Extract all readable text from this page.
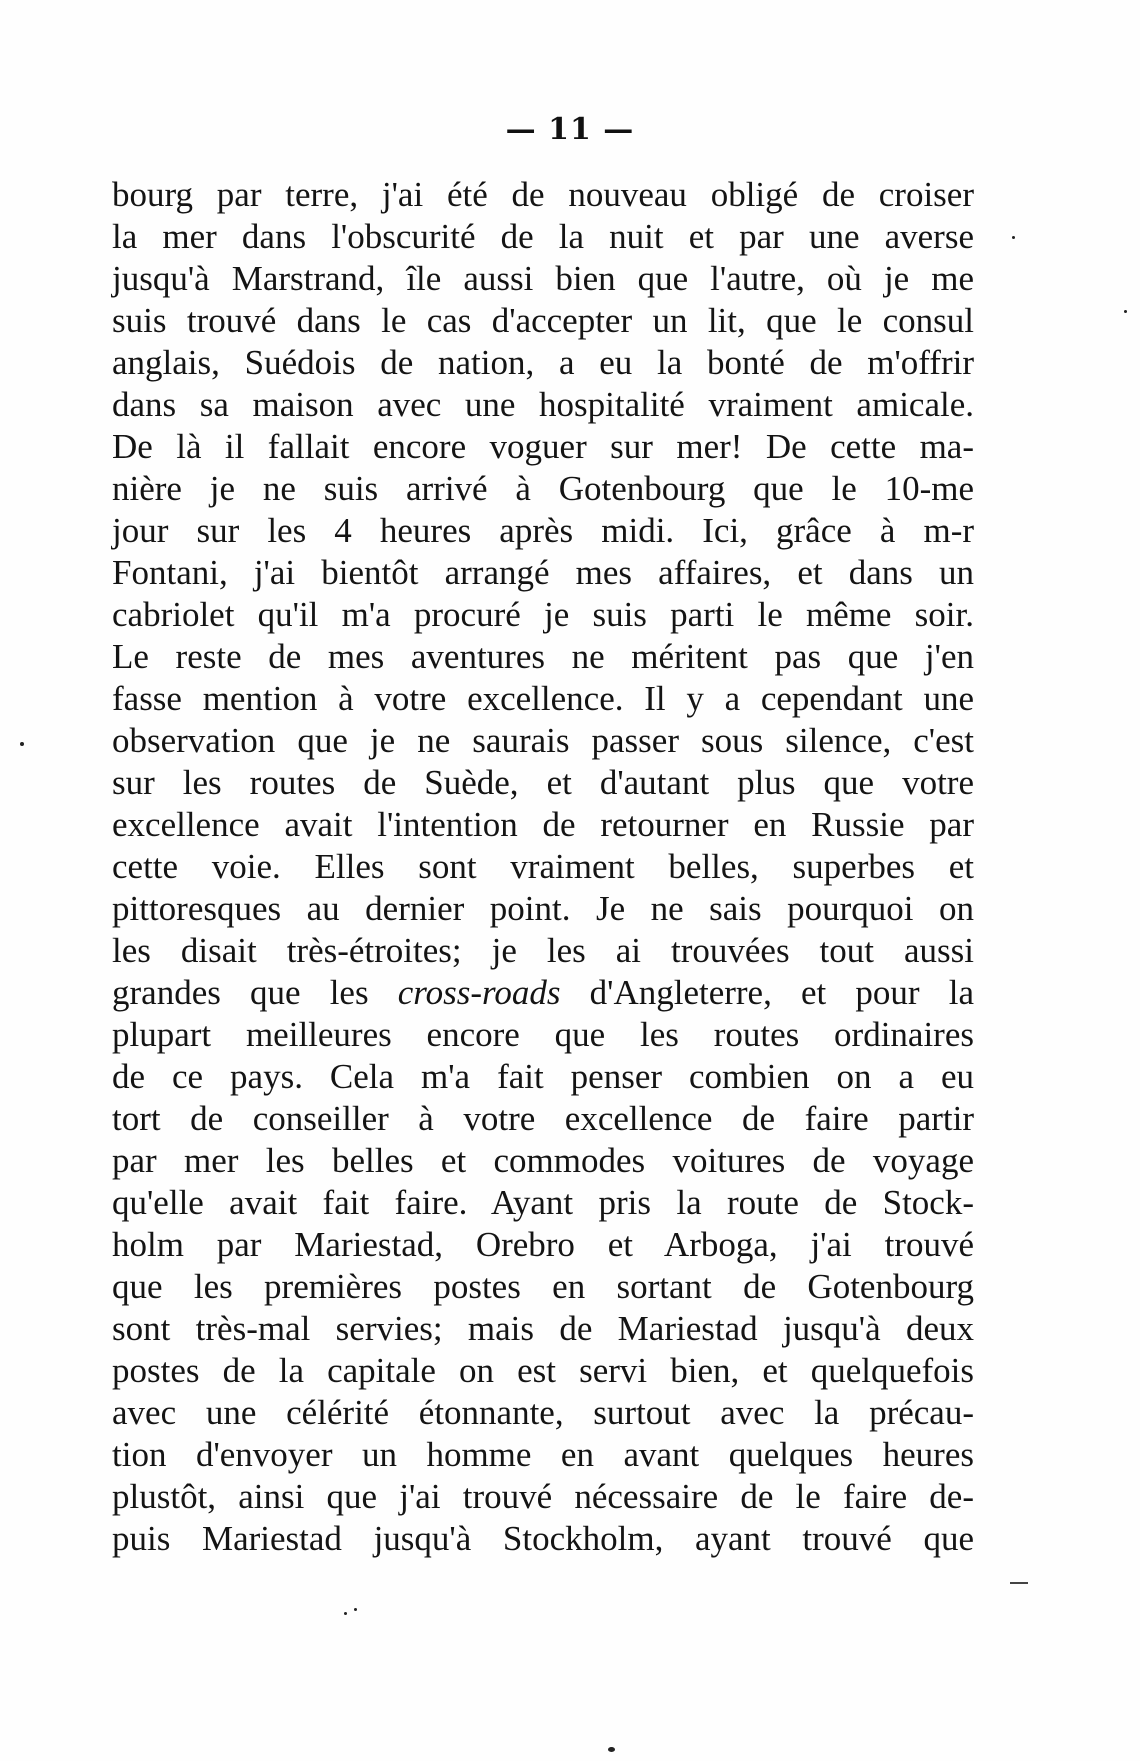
— 11 —
bourg par terre, j'ai été de nouveau obligé de croiser
la mer dans l'obscurité de la nuit et par une averse
jusqu'à Marstrand, île aussi bien que l'autre, où je me
suis trouvé dans le cas d'accepter un lit, que le consul
anglais, Suédois de nation, a eu la bonté de m'offrir
dans sa maison avec une hospitalité vraiment amicale.
De là il fallait encore voguer sur mer! De cette ma-
nière je ne suis arrivé à Gotenbourg que le 10-me
jour sur les 4 heures après midi. Ici, grâce à m-r
Fontani, j'ai bientôt arrangé mes affaires, et dans un
cabriolet qu'il m'a procuré je suis parti le même soir.
Le reste de mes aventures ne méritent pas que j'en
fasse mention à votre excellence. Il y a cependant une
observation que je ne saurais passer sous silence, c'est
sur les routes de Suède, et d'autant plus que votre
excellence avait l'intention de retourner en Russie par
cette voie. Elles sont vraiment belles, superbes et
pittoresques au dernier point. Je ne sais pourquoi on
les disait très-étroites; je les ai trouvées tout aussi
grandes que les cross-roads d'Angleterre, et pour la
plupart meilleures encore que les routes ordinaires
de ce pays. Cela m'a fait penser combien on a eu
tort de conseiller à votre excellence de faire partir
par mer les belles et commodes voitures de voyage
qu'elle avait fait faire. Ayant pris la route de Stock-
holm par Mariestad, Orebro et Arboga, j'ai trouvé
que les premières postes en sortant de Gotenbourg
sont très-mal servies; mais de Mariestad jusqu'à deux
postes de la capitale on est servi bien, et quelquefois
avec une célérité étonnante, surtout avec la précau-
tion d'envoyer un homme en avant quelques heures
plustôt, ainsi que j'ai trouvé nécessaire de le faire de-
puis Mariestad jusqu'à Stockholm, ayant trouvé que
